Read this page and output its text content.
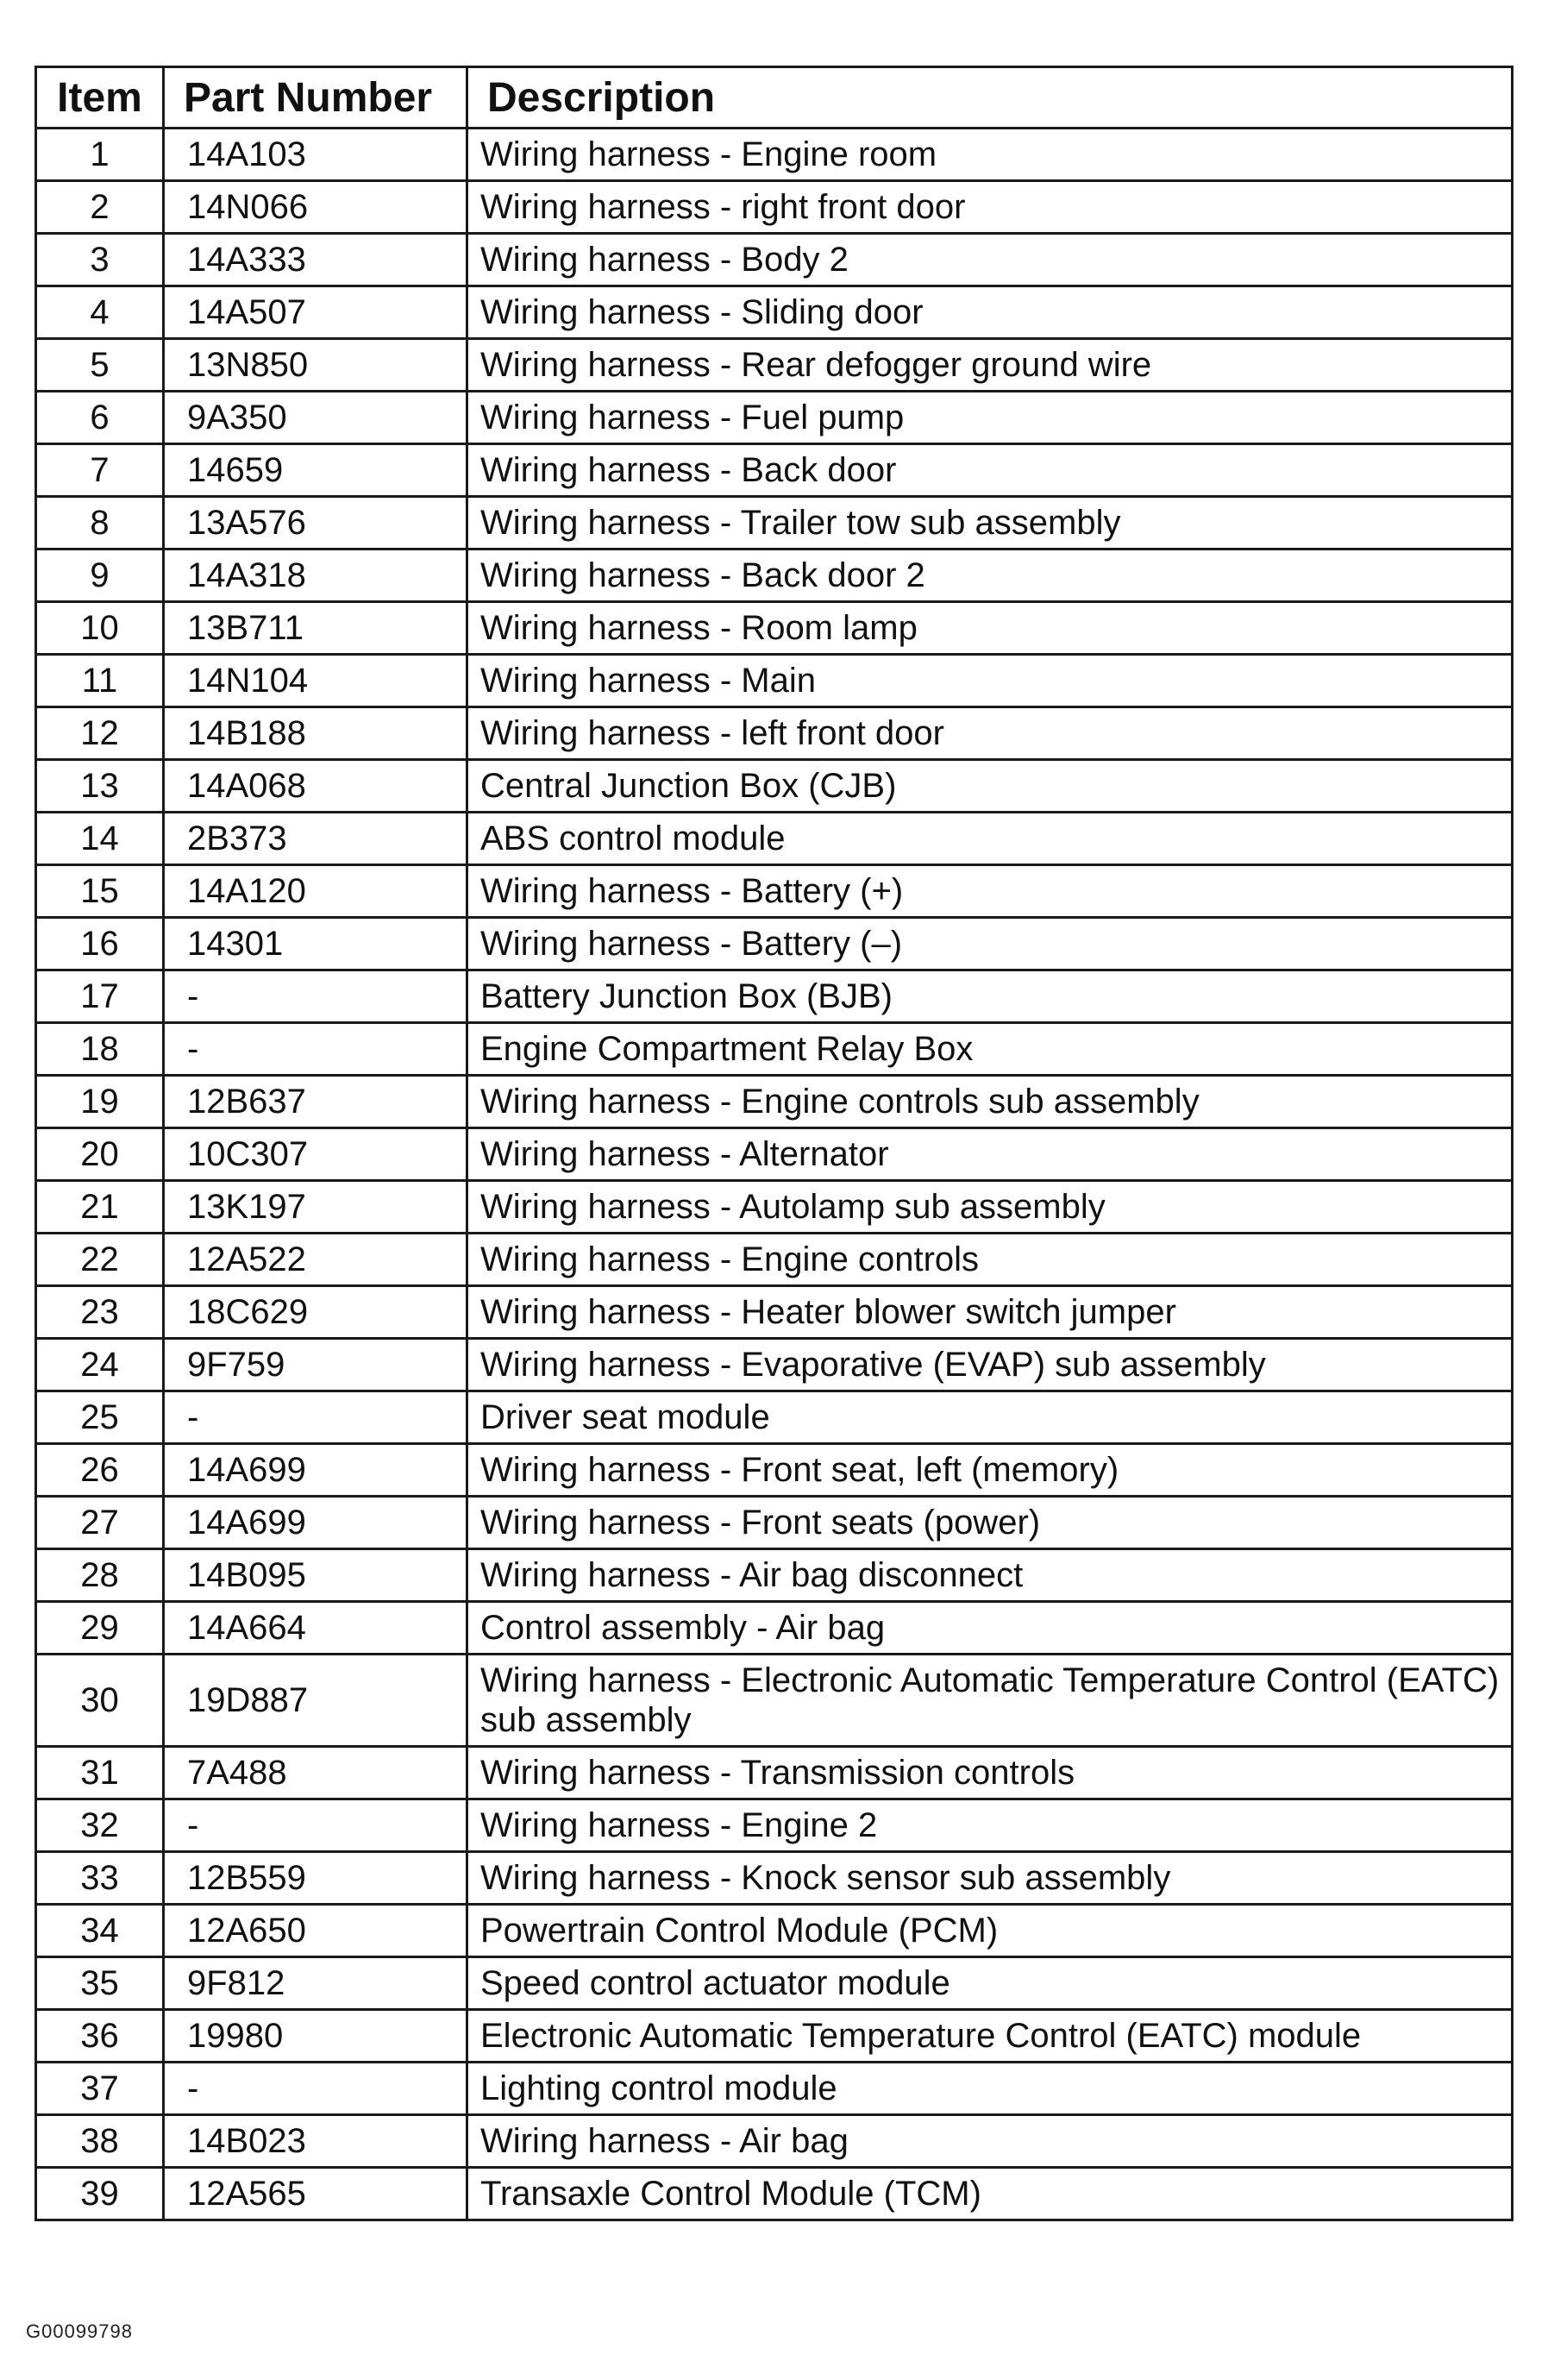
Item	Part Number	Description

1	14A103	Wiring harness - Engine room
2	14N066	Wiring harness - right front door
3	14A333	Wiring harness - Body 2
4	14A507	Wiring harness - Sliding door
5	13N850	Wiring harness - Rear defogger ground wire
6	9A350	Wiring harness - Fuel pump
7	14659	Wiring harness - Back door
8	13A576	Wiring harness - Trailer tow sub assembly
9	14A318	Wiring harness - Back door 2
10	13B711	Wiring harness - Room lamp
11	14N104	Wiring harness - Main
12	14B188	Wiring harness - left front door
13	14A068	Central Junction Box (CJB)
14	2B373	ABS control module
15	14A120	Wiring harness - Battery (+)
16	14301	Wiring harness - Battery (–)
17	-	Battery Junction Box (BJB)
18	-	Engine Compartment Relay Box
19	12B637	Wiring harness - Engine controls sub assembly
20	10C307	Wiring harness - Alternator
21	13K197	Wiring harness - Autolamp sub assembly
22	12A522	Wiring harness - Engine controls
23	18C629	Wiring harness - Heater blower switch jumper
24	9F759	Wiring harness - Evaporative (EVAP) sub assembly
25	-	Driver seat module
26	14A699	Wiring harness - Front seat, left (memory)
27	14A699	Wiring harness - Front seats (power)
28	14B095	Wiring harness - Air bag disconnect
29	14A664	Control assembly - Air bag
30	19D887	Wiring harness - Electronic Automatic Temperature Control (EATC) sub assembly
31	7A488	Wiring harness - Transmission controls
32	-	Wiring harness - Engine 2
33	12B559	Wiring harness - Knock sensor sub assembly
34	12A650	Powertrain Control Module (PCM)
35	9F812	Speed control actuator module
36	19980	Electronic Automatic Temperature Control (EATC) module
37	-	Lighting control module
38	14B023	Wiring harness - Air bag
39	12A565	Transaxle Control Module (TCM)
G00099798
